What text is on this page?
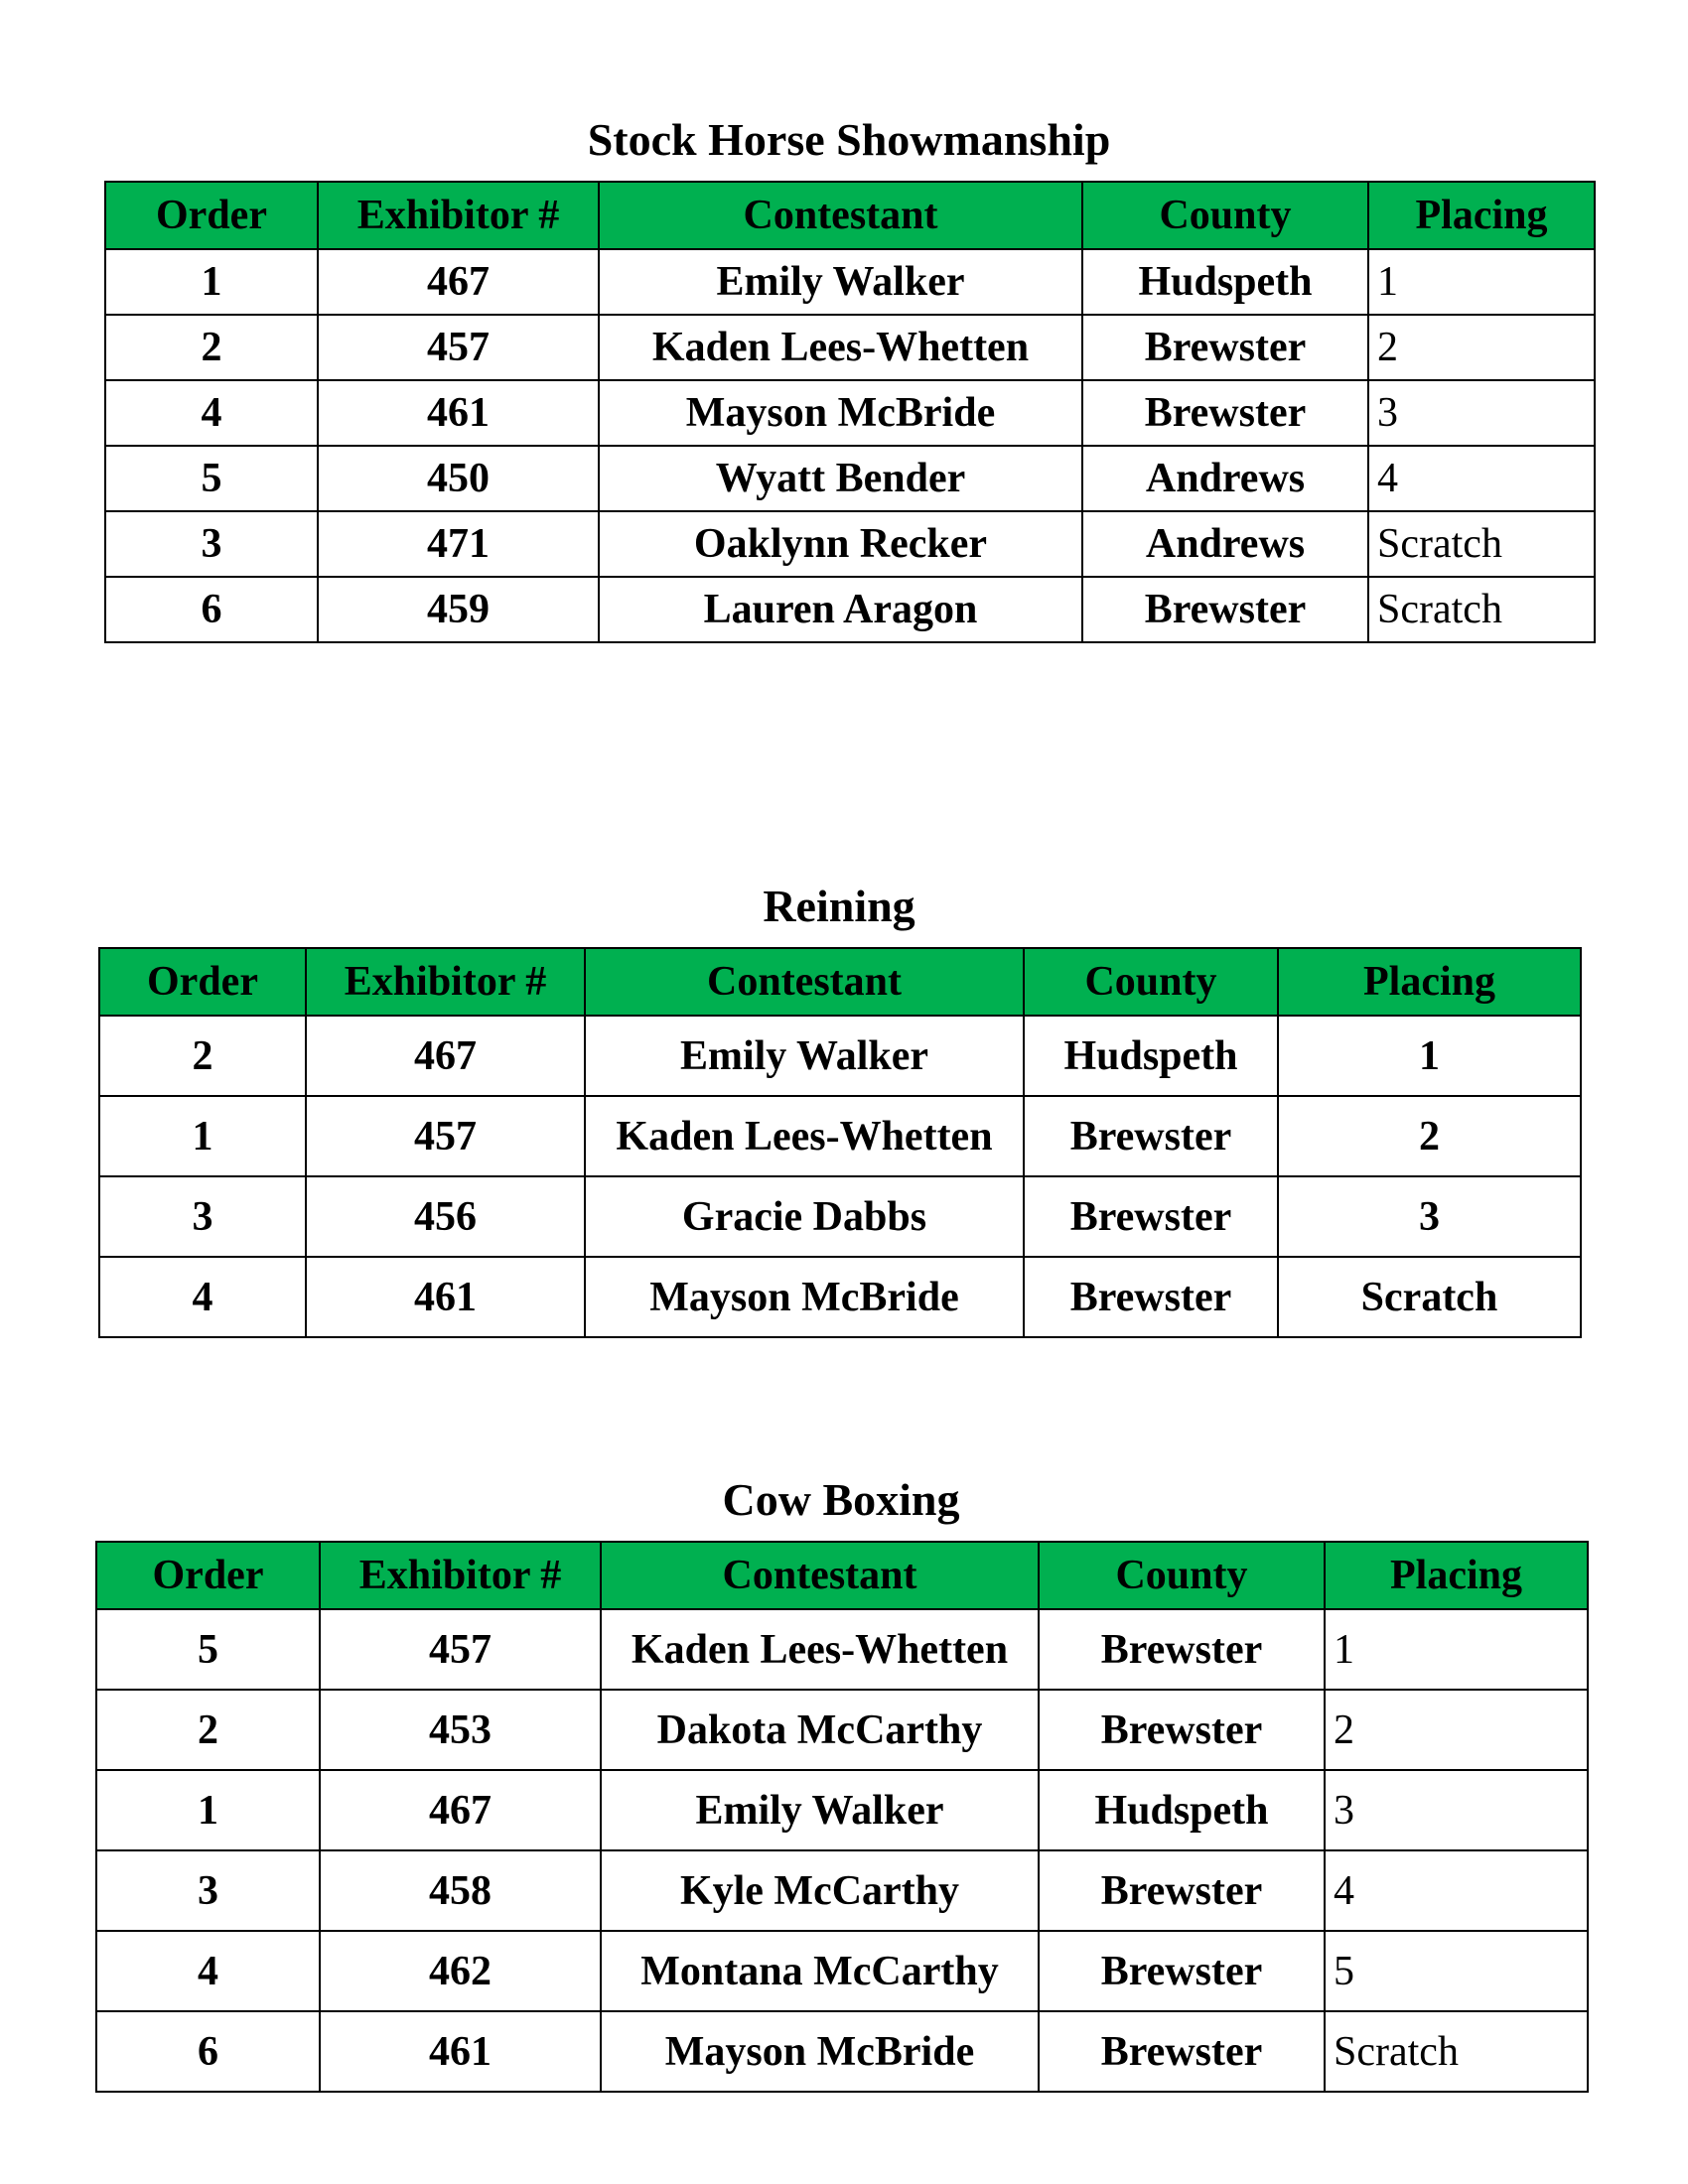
Stock Horse Showmanship
Order	Exhibitor #	Contestant	County	Placing
1	467	Emily Walker	Hudspeth	1
2	457	Kaden Lees-Whetten	Brewster	2
4	461	Mayson McBride	Brewster	3
5	450	Wyatt Bender	Andrews	4
3	471	Oaklynn Recker	Andrews	Scratch
6	459	Lauren Aragon	Brewster	Scratch
Reining
Order	Exhibitor #	Contestant	County	Placing
2	467	Emily Walker	Hudspeth	1
1	457	Kaden Lees-Whetten	Brewster	2
3	456	Gracie Dabbs	Brewster	3
4	461	Mayson McBride	Brewster	Scratch
Cow Boxing
Order	Exhibitor #	Contestant	County	Placing
5	457	Kaden Lees-Whetten	Brewster	1
2	453	Dakota McCarthy	Brewster	2
1	467	Emily Walker	Hudspeth	3
3	458	Kyle McCarthy	Brewster	4
4	462	Montana McCarthy	Brewster	5
6	461	Mayson McBride	Brewster	Scratch
